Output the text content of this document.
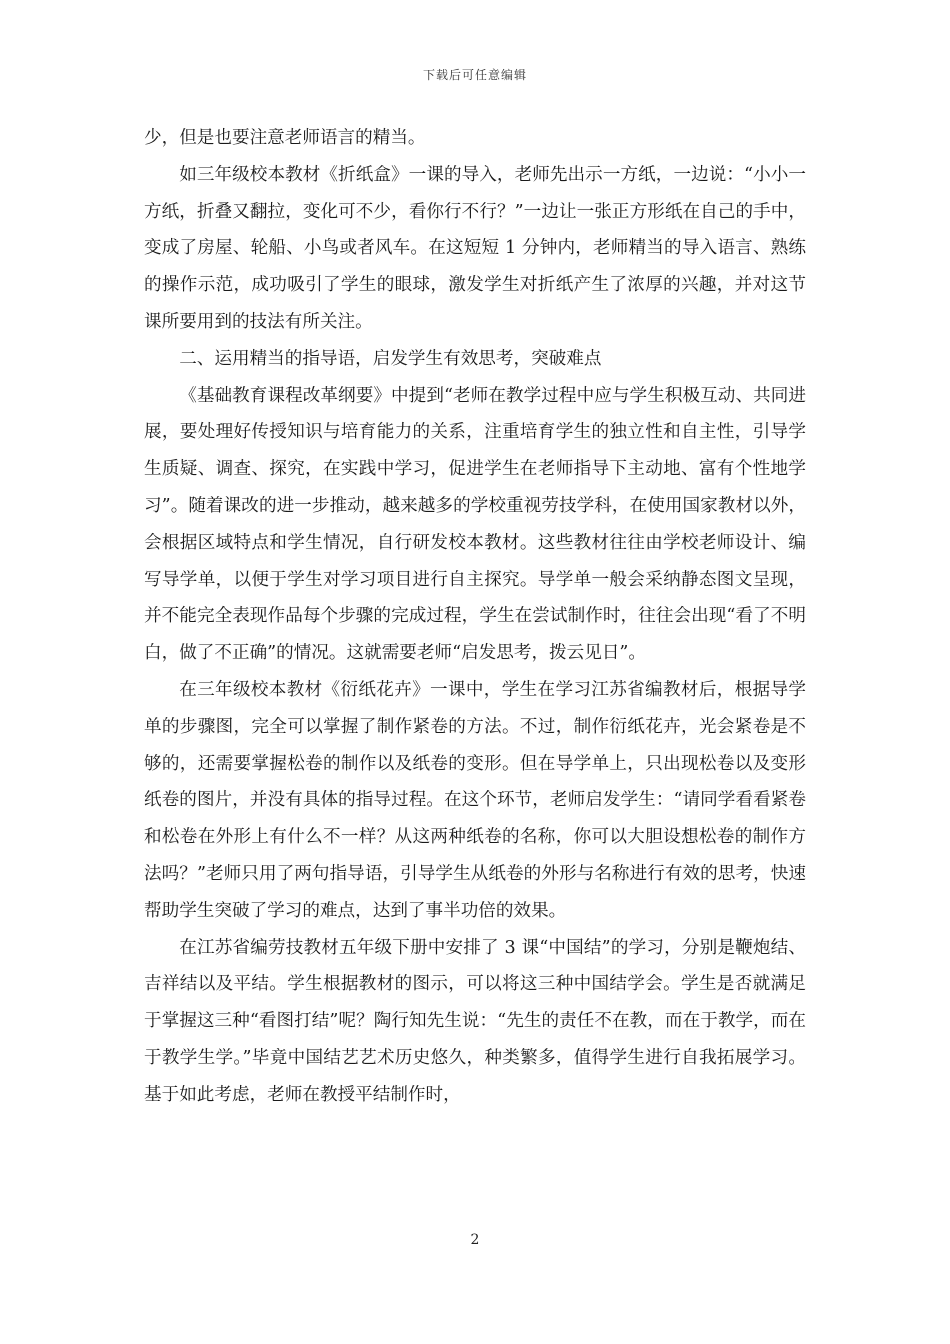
下载后可任意编辑

少，但是也要注意老师语言的精当。

如三年级校本教材《折纸盒》一课的导入，老师先出示一方纸，一边说：“小小一方纸，折叠又翻拉，变化可不少，看你行不行？”一边让一张正方形纸在自己的手中，变成了房屋、轮船、小鸟或者风车。在这短短 1 分钟内，老师精当的导入语言、熟练的操作示范，成功吸引了学生的眼球，激发学生对折纸产生了浓厚的兴趣，并对这节课所要用到的技法有所关注。

二、运用精当的指导语，启发学生有效思考，突破难点

《基础教育课程改革纲要》中提到“老师在教学过程中应与学生积极互动、共同进展，要处理好传授知识与培育能力的关系，注重培育学生的独立性和自主性，引导学生质疑、调查、探究，在实践中学习，促进学生在老师指导下主动地、富有个性地学习”。随着课改的进一步推动，越来越多的学校重视劳技学科，在使用国家教材以外，会根据区域特点和学生情况，自行研发校本教材。这些教材往往由学校老师设计、编写导学单，以便于学生对学习项目进行自主探究。导学单一般会采纳静态图文呈现，并不能完全表现作品每个步骤的完成过程，学生在尝试制作时，往往会出现“看了不明白，做了不正确”的情况。这就需要老师“启发思考，拨云见日”。

在三年级校本教材《衍纸花卉》一课中，学生在学习江苏省编教材后，根据导学单的步骤图，完全可以掌握了制作紧卷的方法。不过，制作衍纸花卉，光会紧卷是不够的，还需要掌握松卷的制作以及纸卷的变形。但在导学单上，只出现松卷以及变形纸卷的图片，并没有具体的指导过程。在这个环节，老师启发学生：“请同学看看紧卷和松卷在外形上有什么不一样？从这两种纸卷的名称，你可以大胆设想松卷的制作方法吗？”老师只用了两句指导语，引导学生从纸卷的外形与名称进行有效的思考，快速帮助学生突破了学习的难点，达到了事半功倍的效果。

在江苏省编劳技教材五年级下册中安排了 3 课“中国结”的学习，分别是鞭炮结、吉祥结以及平结。学生根据教材的图示，可以将这三种中国结学会。学生是否就满足于掌握这三种“看图打结”呢？陶行知先生说：“先生的责任不在教，而在于教学，而在于教学生学。”毕竟中国结艺艺术历史悠久，种类繁多，值得学生进行自我拓展学习。基于如此考虑，老师在教授平结制作时，

2
